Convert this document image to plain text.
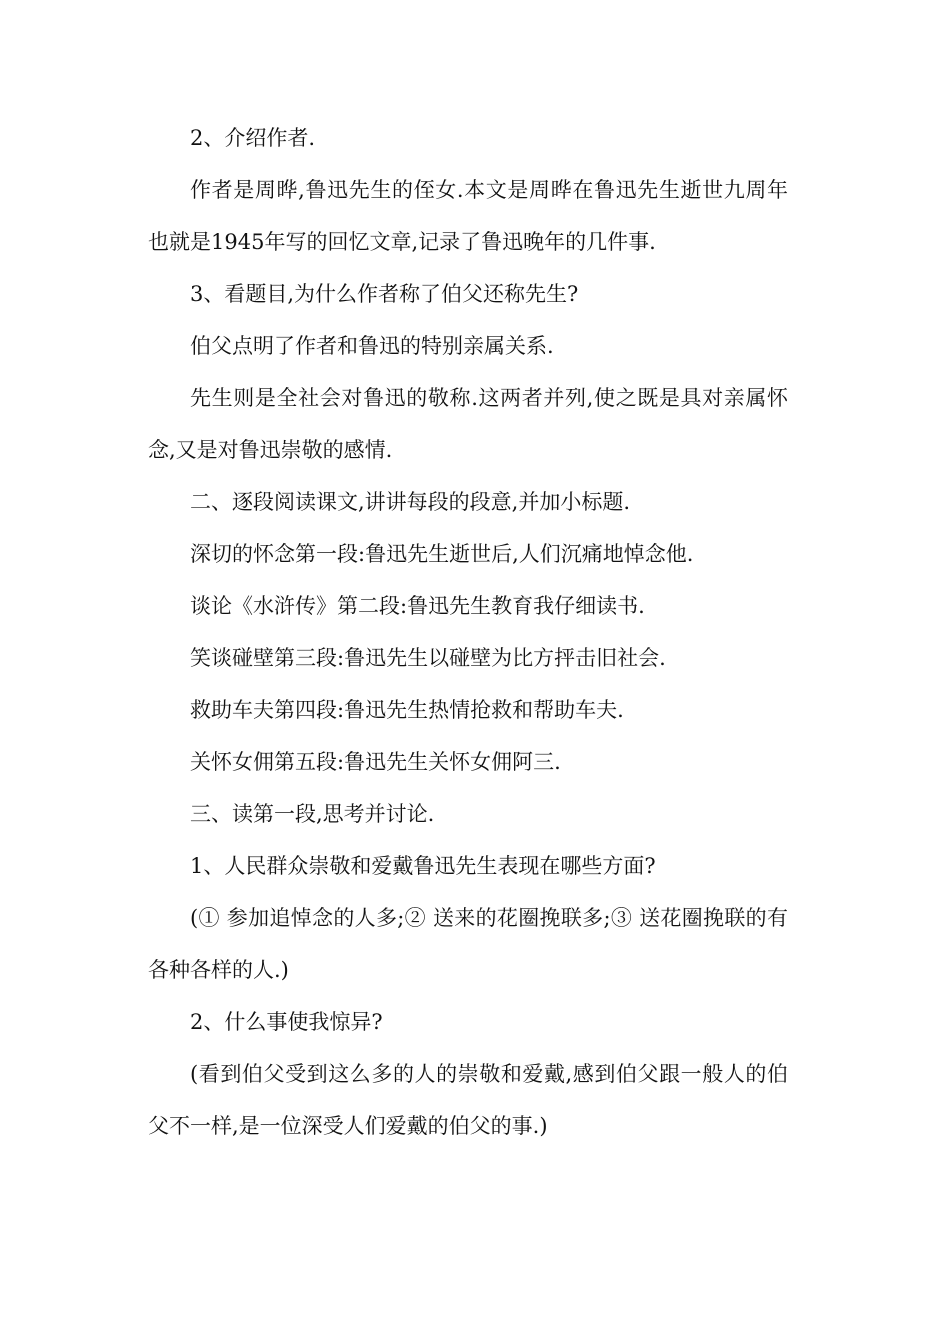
2、介绍作者.

作者是周晔,鲁迅先生的侄女.本文是周晔在鲁迅先生逝世九周年也就是1945年写的回忆文章,记录了鲁迅晚年的几件事.

3、看题目,为什么作者称了伯父还称先生?

伯父点明了作者和鲁迅的特别亲属关系.

先生则是全社会对鲁迅的敬称.这两者并列,使之既是具对亲属怀念,又是对鲁迅崇敬的感情.

二、逐段阅读课文,讲讲每段的段意,并加小标题.

深切的怀念第一段:鲁迅先生逝世后,人们沉痛地悼念他.

谈论《水浒传》第二段:鲁迅先生教育我仔细读书.

笑谈碰壁第三段:鲁迅先生以碰壁为比方抨击旧社会.

救助车夫第四段:鲁迅先生热情抢救和帮助车夫.

关怀女佣第五段:鲁迅先生关怀女佣阿三.

三、读第一段,思考并讨论.

1、人民群众崇敬和爱戴鲁迅先生表现在哪些方面?

(① 参加追悼念的人多;② 送来的花圈挽联多;③ 送花圈挽联的有各种各样的人.)

2、什么事使我惊异?

(看到伯父受到这么多的人的崇敬和爱戴,感到伯父跟一般人的伯父不一样,是一位深受人们爱戴的伯父的事.)
